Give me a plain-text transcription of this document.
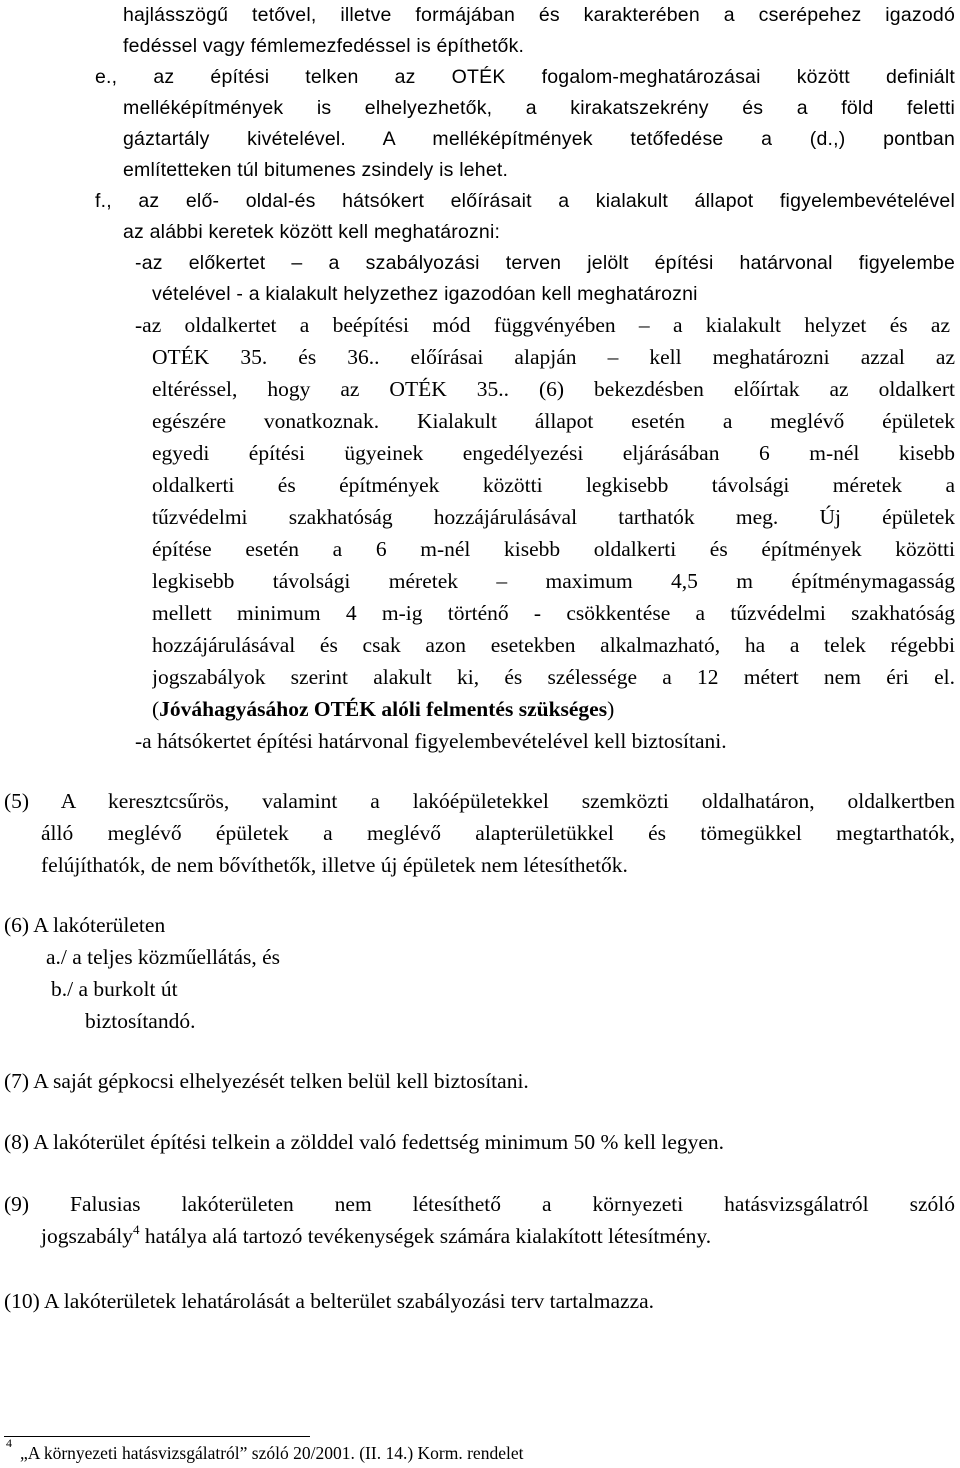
hajlásszögű tetővel, illetve formájában és karakterében a cserépehez igazodó
fedéssel vagy fémlemezfedéssel is építhetők.
e., az építési telken az OTÉK fogalom-meghatározásai között definiált
melléképítmények is elhelyezhetők, a kirakatszekrény és a föld feletti
gáztartály kivételével. A melléképítmények tetőfedése a (d.,) pontban
említetteken túl bitumenes zsindely is lehet.
f., az elő- oldal-és hátsókert előírásait a kialakult állapot figyelembevételével
az alábbi keretek között kell meghatározni:
-az előkertet – a szabályozási terven jelölt építési határvonal figyelembe
vételével - a kialakult helyzethez igazodóan kell meghatározni
-az oldalkertet a beépítési mód függvényében – a kialakult helyzet és az
OTÉK 35. és 36.. előírásai alapján – kell meghatározni azzal az
eltéréssel, hogy az OTÉK 35.. (6) bekezdésben előírtak az oldalkert
egészére vonatkoznak. Kialakult állapot esetén a meglévő épületek
egyedi építési ügyeinek engedélyezési eljárásában 6 m-nél kisebb
oldalkerti és építmények közötti legkisebb távolsági méretek a
tűzvédelmi szakhatóság hozzájárulásával tarthatók meg. Új épületek
építése esetén a 6 m-nél kisebb oldalkerti és építmények közötti
legkisebb távolsági méretek – maximum 4,5 m építménymagasság
mellett minimum 4 m-ig történő - csökkentése a tűzvédelmi szakhatóság
hozzájárulásával és csak azon esetekben alkalmazható, ha a telek régebbi
jogszabályok szerint alakult ki, és szélessége a 12 métert nem éri el.
(Jóváhagyásához OTÉK alóli felmentés szükséges)
-a hátsókertet építési határvonal figyelembevételével kell biztosítani.
(5) A keresztcsűrös, valamint a lakóépületekkel szemközti oldalhatáron, oldalkertben
álló meglévő épületek a meglévő alapterületükkel és tömegükkel megtarthatók,
felújíthatók, de nem bővíthetők, illetve új épületek nem létesíthetők.
(6) A lakóterületen
a./ a teljes közműellátás, és
b./ a burkolt út
biztosítandó.
(7) A saját gépkocsi elhelyezését telken belül kell biztosítani.
(8) A lakóterület építési telkein a zölddel való fedettség minimum 50 % kell legyen.
(9) Falusias lakóterületen nem létesíthető a környezeti hatásvizsgálatról szóló
jogszabály$^4$ hatálya alá tartozó tevékenységek számára kialakított létesítmény.
(10) A lakóterületek lehatárolását a belterület szabályozási terv tartalmazza.
4 „A környezeti hatásvizsgálatról” szóló 20/2001. (II. 14.) Korm. rendelet
